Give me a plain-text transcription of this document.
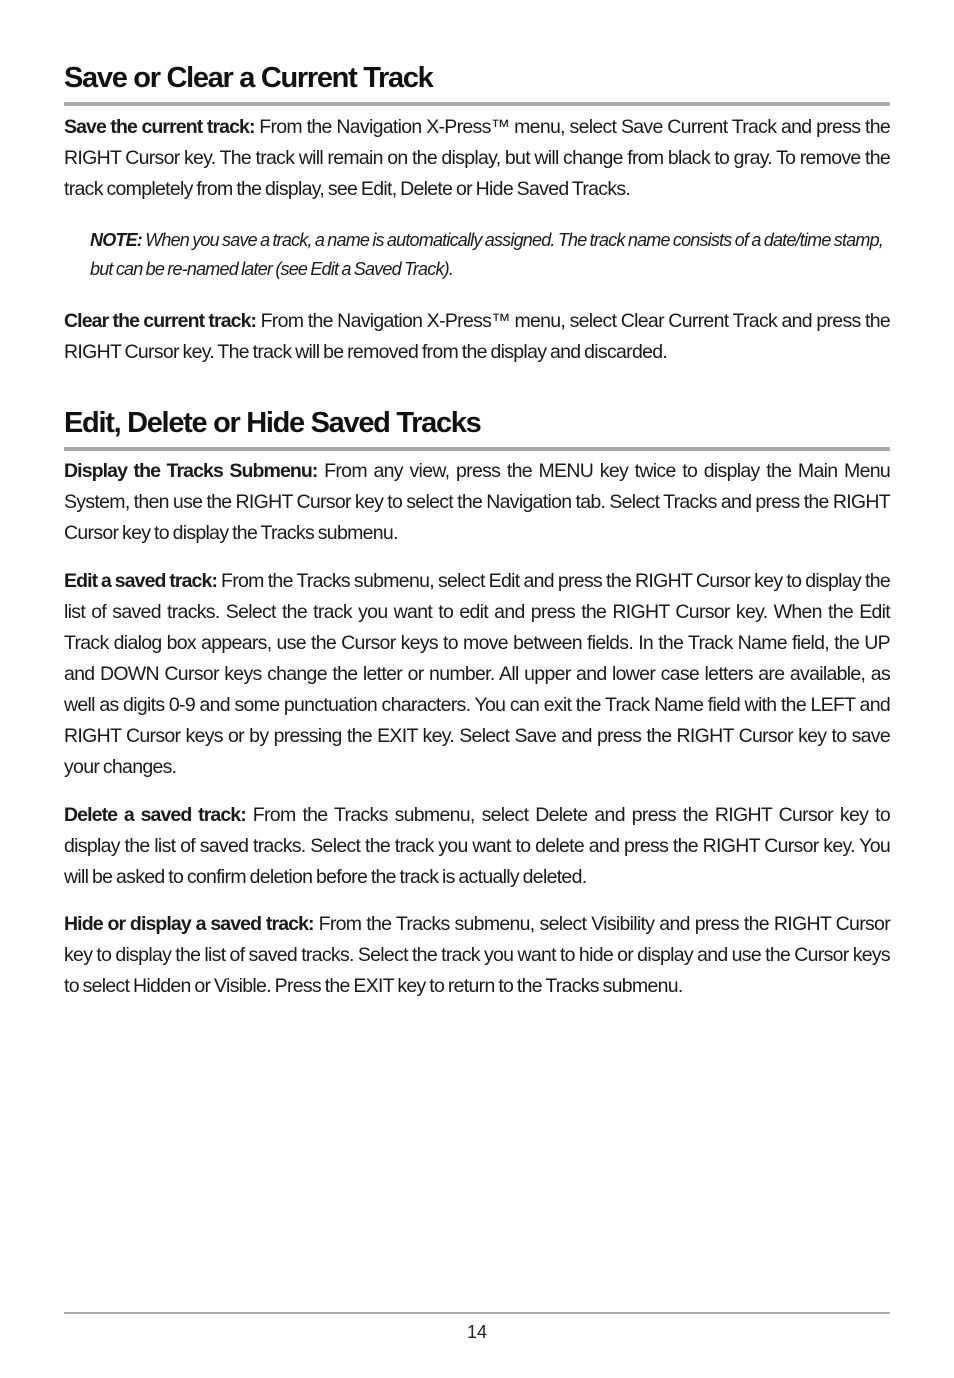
Save or Clear a Current Track

Save the current track: From the Navigation X-Press™ menu, select Save Current Track and press the RIGHT Cursor key. The track will remain on the display, but will change from black to gray. To remove the track completely from the display, see Edit, Delete or Hide Saved Tracks.

NOTE: When you save a track, a name is automatically assigned. The track name consists of a date/time stamp, but can be re-named later (see Edit a Saved Track).

Clear the current track: From the Navigation X-Press™ menu, select Clear Current Track and press the RIGHT Cursor key. The track will be removed from the display and discarded.

Edit, Delete or Hide Saved Tracks

Display the Tracks Submenu: From any view, press the MENU key twice to display the Main Menu System, then use the RIGHT Cursor key to select the Navigation tab. Select Tracks and press the RIGHT Cursor key to display the Tracks submenu.

Edit a saved track: From the Tracks submenu, select Edit and press the RIGHT Cursor key to display the list of saved tracks. Select the track you want to edit and press the RIGHT Cursor key. When the Edit Track dialog box appears, use the Cursor keys to move between fields. In the Track Name field, the UP and DOWN Cursor keys change the letter or number. All upper and lower case letters are available, as well as digits 0-9 and some punctuation characters. You can exit the Track Name field with the LEFT and RIGHT Cursor keys or by pressing the EXIT key. Select Save and press the RIGHT Cursor key to save your changes.

Delete a saved track: From the Tracks submenu, select Delete and press the RIGHT Cursor key to display the list of saved tracks. Select the track you want to delete and press the RIGHT Cursor key. You will be asked to confirm deletion before the track is actually deleted.

Hide or display a saved track: From the Tracks submenu, select Visibility and press the RIGHT Cursor key to display the list of saved tracks. Select the track you want to hide or display and use the Cursor keys to select Hidden or Visible. Press the EXIT key to return to the Tracks submenu.

14
